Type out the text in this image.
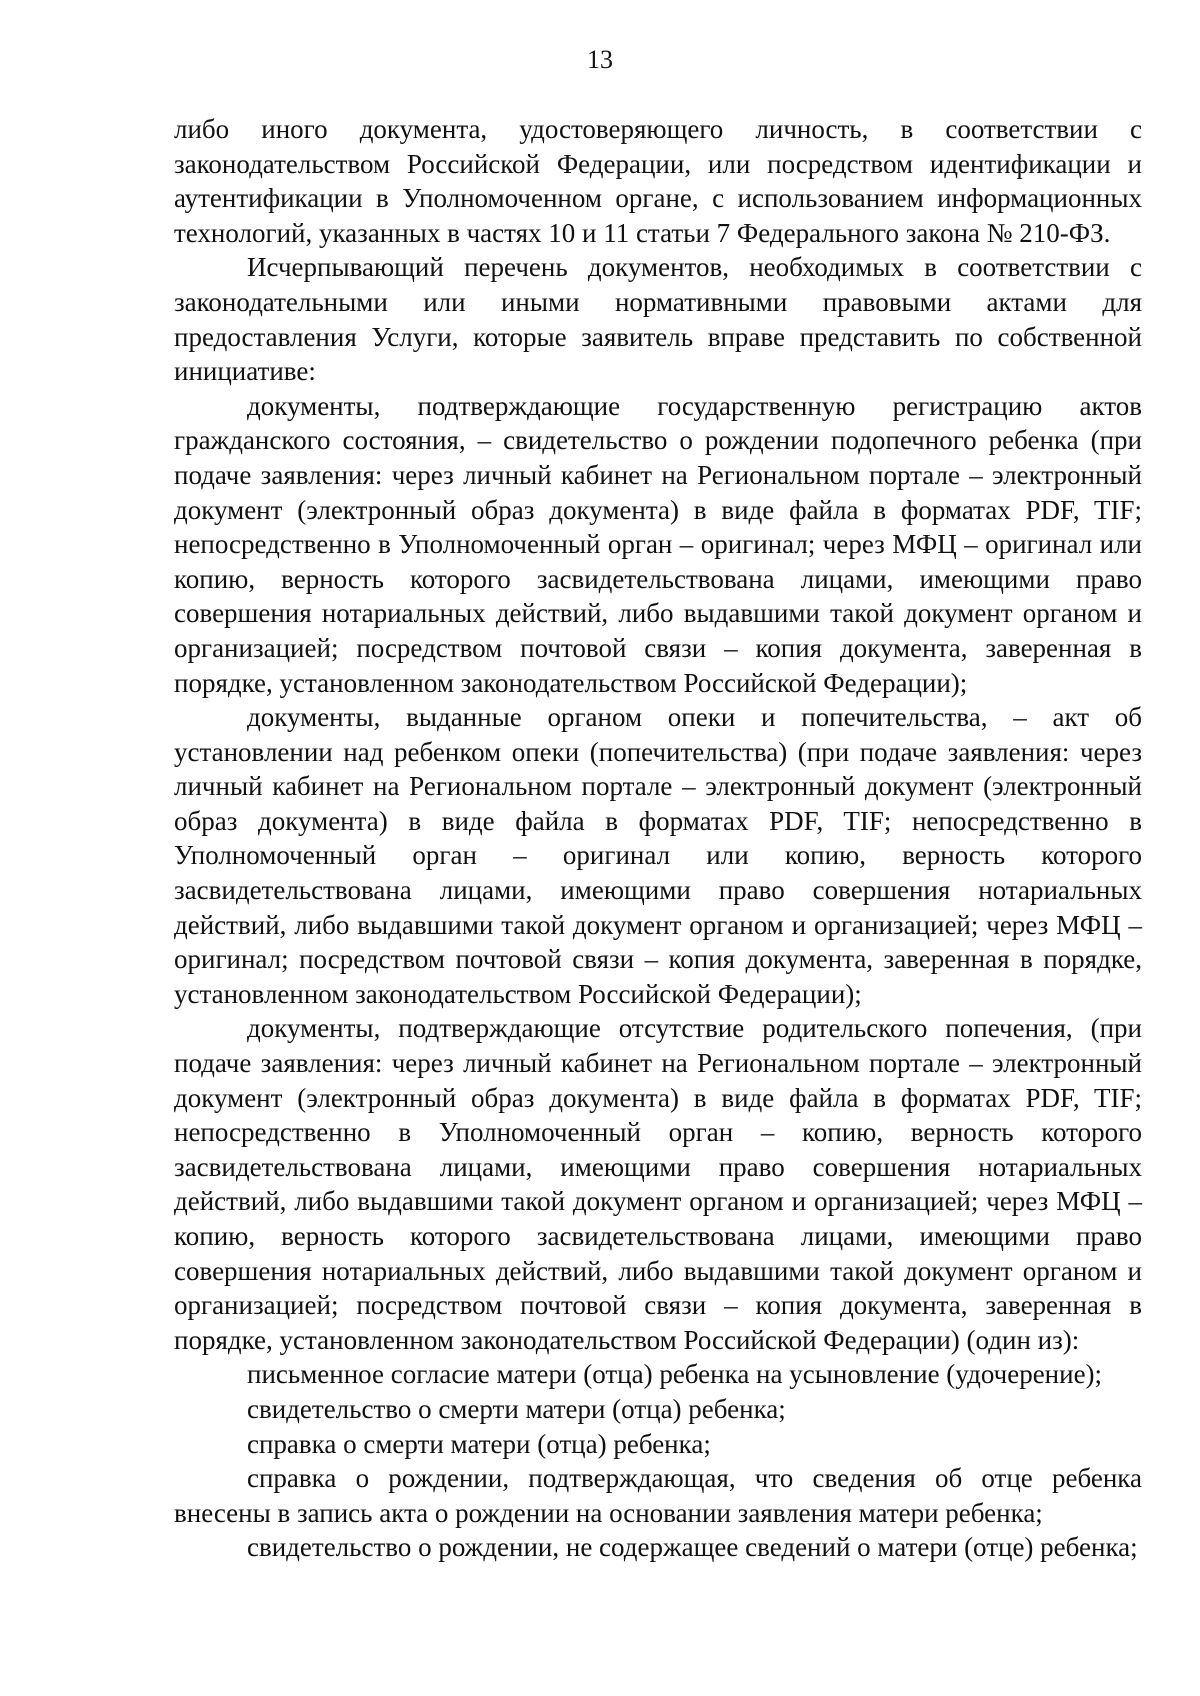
13

либо иного документа, удостоверяющего личность, в соответствии с законодательством Российской Федерации, или посредством идентификации и аутентификации в Уполномоченном органе, с использованием информационных технологий, указанных в частях 10 и 11 статьи 7 Федерального закона № 210-ФЗ.

Исчерпывающий перечень документов, необходимых в соответствии с законодательными или иными нормативными правовыми актами для предоставления Услуги, которые заявитель вправе представить по собственной инициативе:

документы, подтверждающие государственную регистрацию актов гражданского состояния, – свидетельство о рождении подопечного ребенка (при подаче заявления: через личный кабинет на Региональном портале – электронный документ (электронный образ документа) в виде файла в форматах PDF, TIF; непосредственно в Уполномоченный орган – оригинал; через МФЦ – оригинал или копию, верность которого засвидетельствована лицами, имеющими право совершения нотариальных действий, либо выдавшими такой документ органом и организацией; посредством почтовой связи – копия документа, заверенная в порядке, установленном законодательством Российской Федерации);

документы, выданные органом опеки и попечительства, – акт об установлении над ребенком опеки (попечительства) (при подаче заявления: через личный кабинет на Региональном портале – электронный документ (электронный образ документа) в виде файла в форматах PDF, TIF; непосредственно в Уполномоченный орган – оригинал или копию, верность которого засвидетельствована лицами, имеющими право совершения нотариальных действий, либо выдавшими такой документ органом и организацией; через МФЦ – оригинал; посредством почтовой связи – копия документа, заверенная в порядке, установленном законодательством Российской Федерации);

документы, подтверждающие отсутствие родительского попечения, (при подаче заявления: через личный кабинет на Региональном портале – электронный документ (электронный образ документа) в виде файла в форматах PDF, TIF; непосредственно в Уполномоченный орган – копию, верность которого засвидетельствована лицами, имеющими право совершения нотариальных действий, либо выдавшими такой документ органом и организацией; через МФЦ – копию, верность которого засвидетельствована лицами, имеющими право совершения нотариальных действий, либо выдавшими такой документ органом и организацией; посредством почтовой связи – копия документа, заверенная в порядке, установленном законодательством Российской Федерации) (один из):

письменное согласие матери (отца) ребенка на усыновление (удочерение);

свидетельство о смерти матери (отца) ребенка;

справка о смерти матери (отца) ребенка;

справка о рождении, подтверждающая, что сведения об отце ребенка внесены в запись акта о рождении на основании заявления матери ребенка;

свидетельство о рождении, не содержащее сведений о матери (отце) ребенка;
